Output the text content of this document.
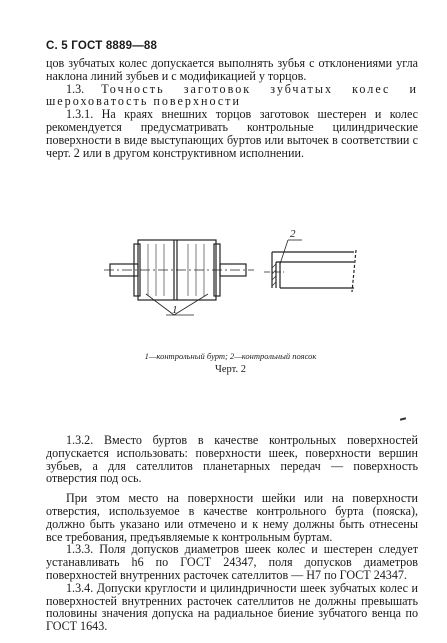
С. 5 ГОСТ 8889—88

цов зубчатых колес допускается выполнять зубья с отклонениями угла наклона линий зубьев и с модификацией у торцов.

1.3. Точность заготовок зубчатых колес и шероховатость поверхности

1.3.1. На краях внешних торцов заготовок шестерен и колес рекомендуется предусматривать контрольные цилиндрические поверхности в виде выступающих буртов или выточек в соответствии с черт. 2 или в другом конструктивном исполнении.

1
2
1—контрольный бурт; 2—контрольный поясок
Черт. 2

1.3.2. Вместо буртов в качестве контрольных поверхностей допускается использовать: поверхности шеек, поверхности вершин зубьев, а для сателлитов планетарных передач — поверхность отверстия под ось.

При этом место на поверхности шейки или на поверхности отверстия, используемое в качестве контрольного бурта (пояска), должно быть указано или отмечено и к нему должны быть отнесены все требования, предъявляемые к контрольным буртам.

1.3.3. Поля допусков диаметров шеек колес и шестерен следует устанавливать h6 по ГОСТ 24347, поля допусков диаметров поверхностей внутренних расточек сателлитов — H7 по ГОСТ 24347.

1.3.4. Допуски круглости и цилиндричности шеек зубчатых колес и поверхностей внутренних расточек сателлитов не должны превышать половины значения допуска на радиальное биение зубчатого венца по ГОСТ 1643.
